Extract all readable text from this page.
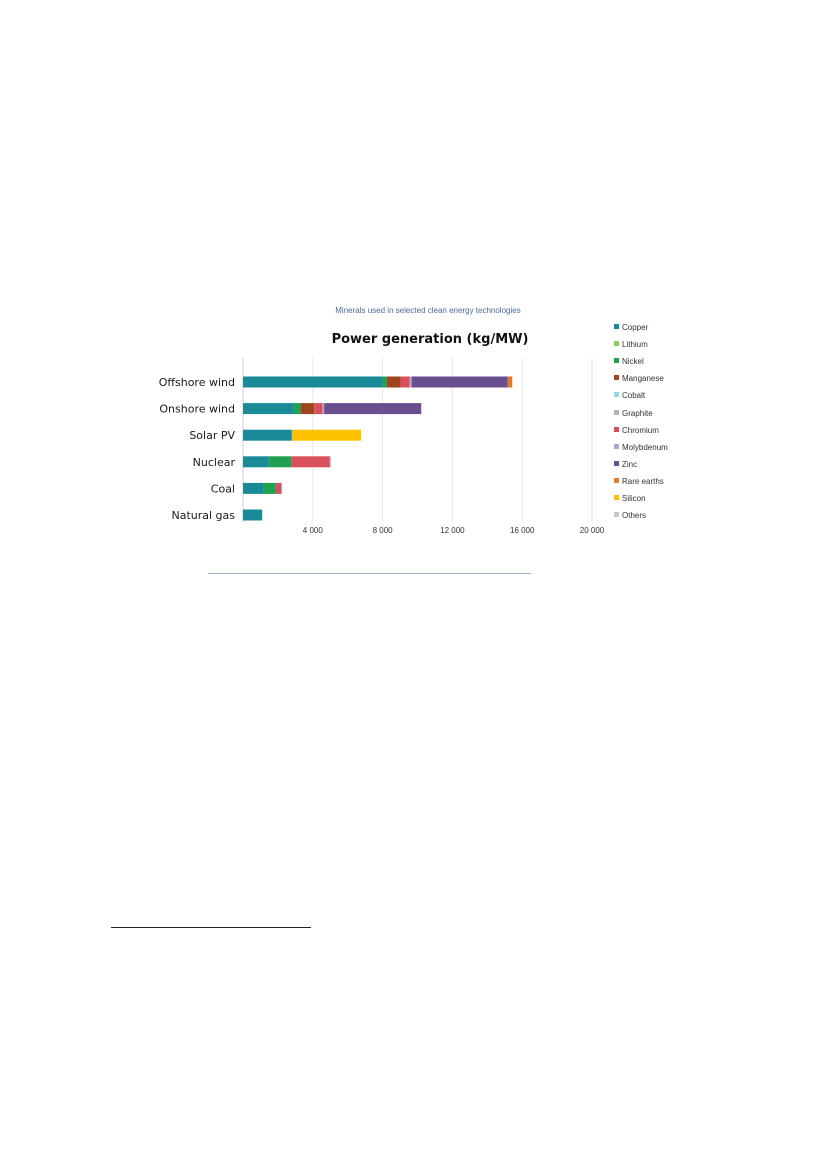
Minerals used in selected clean energy technologies
Power generation (kg/MW)
4 000	8 000	12 000	16 000	20 000
Offshore wind
Onshore wind
Solar PV
Nuclear
Coal
Natural gas
Copper
Lithium
Nickel
Manganese
Cobalt
Graphite
Chromium
Molybdenum
Zinc
Rare earths
Silicon
Others
